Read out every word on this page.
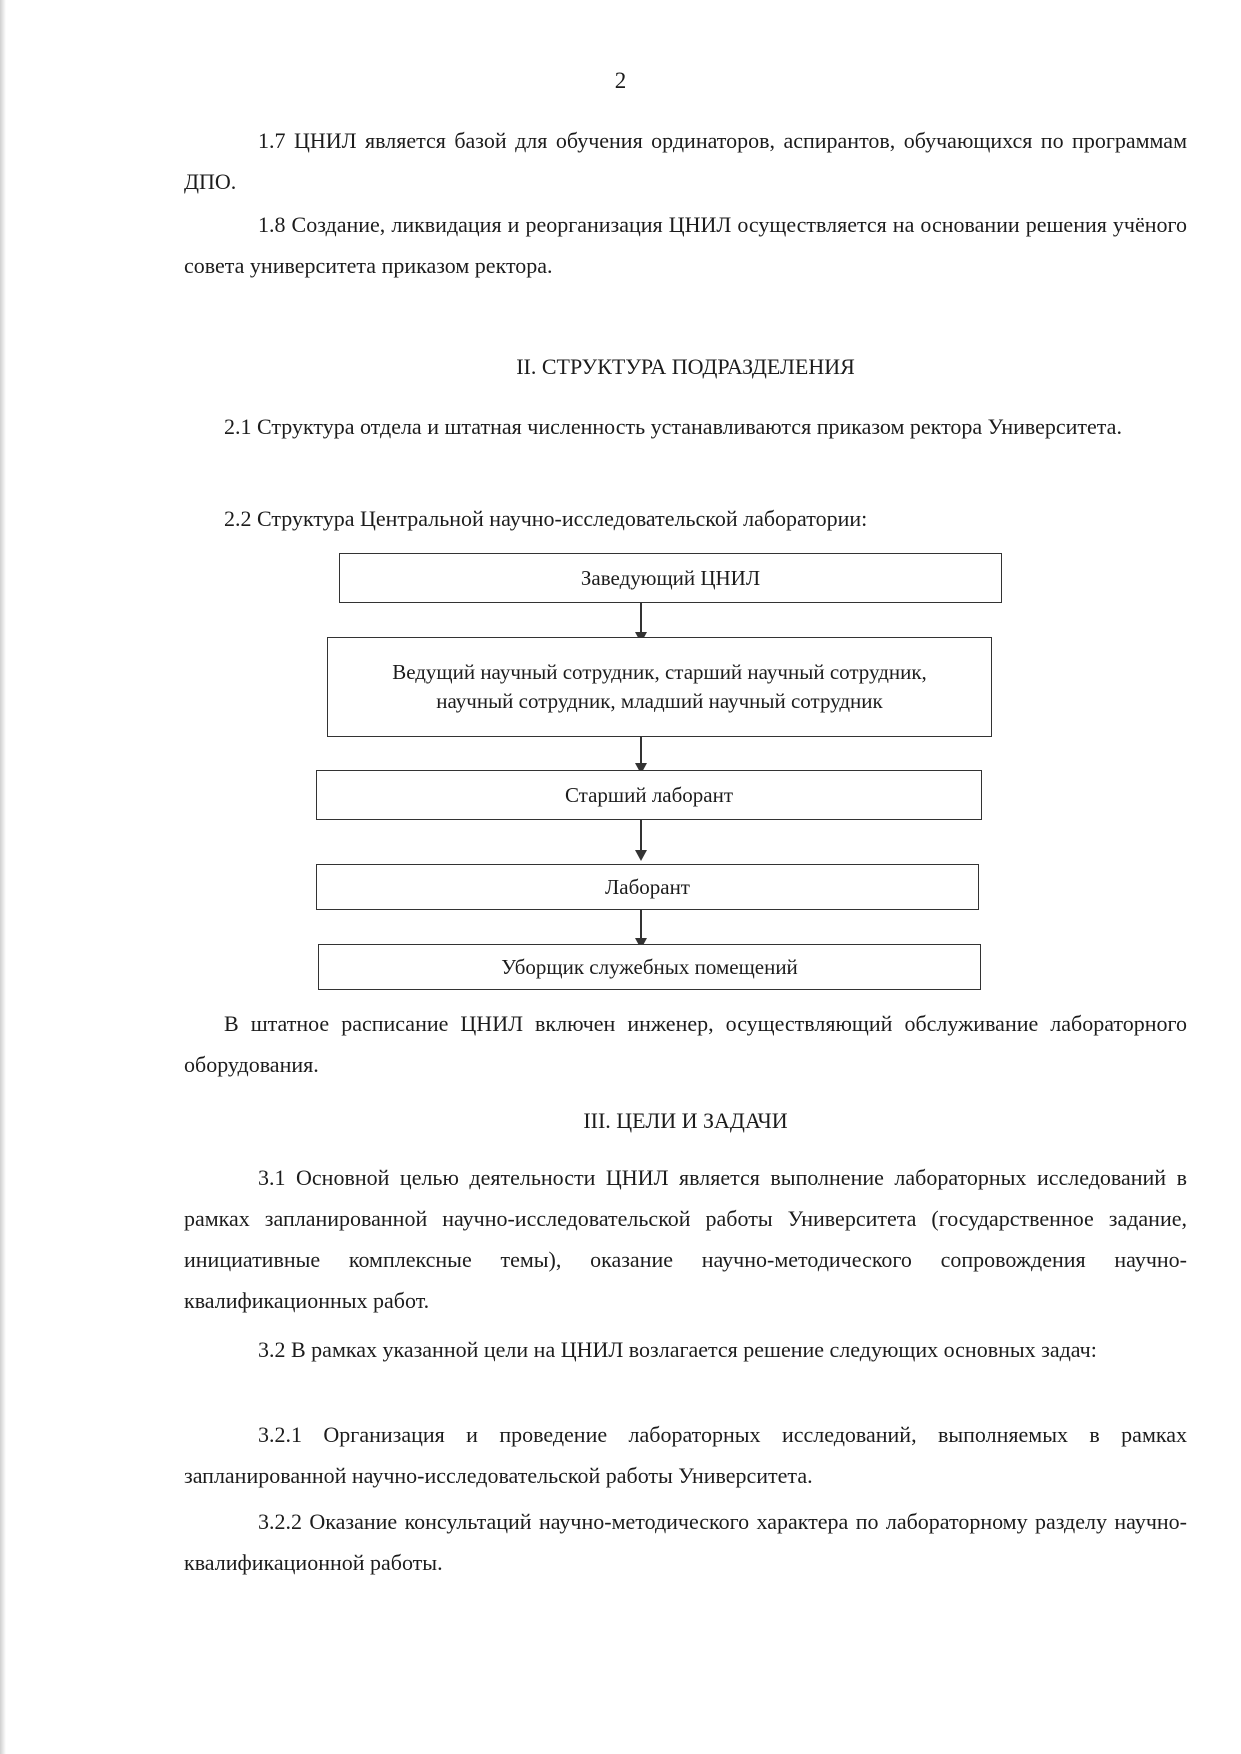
2

1.7 ЦНИЛ является базой для обучения ординаторов, аспирантов, обучающихся по программам ДПО.

1.8 Создание, ликвидация и реорганизация ЦНИЛ осуществляется на основании решения учёного совета университета приказом ректора.

II. СТРУКТУРА ПОДРАЗДЕЛЕНИЯ

2.1 Структура отдела и штатная численность устанавливаются приказом ректора Университета.

2.2 Структура Центральной научно-исследовательской лаборатории:
Заведующий ЦНИЛ
Ведущий научный сотрудник, старший научный сотрудник, научный сотрудник, младший научный сотрудник
Старший лаборант
Лаборант
Уборщик служебных помещений

В штатное расписание ЦНИЛ включен инженер, осуществляющий обслуживание лабораторного оборудования.

III. ЦЕЛИ И ЗАДАЧИ

3.1 Основной целью деятельности ЦНИЛ является выполнение лабораторных исследований в рамках запланированной научно-исследовательской работы Университета (государственное задание, инициативные комплексные темы), оказание научно-методического сопровождения научно-квалификационных работ.

3.2 В рамках указанной цели на ЦНИЛ возлагается решение следующих основных задач:

3.2.1 Организация и проведение лабораторных исследований, выполняемых в рамках запланированной научно-исследовательской работы Университета.

3.2.2 Оказание консультаций научно-методического характера по лабораторному разделу научно-квалификационной работы.
